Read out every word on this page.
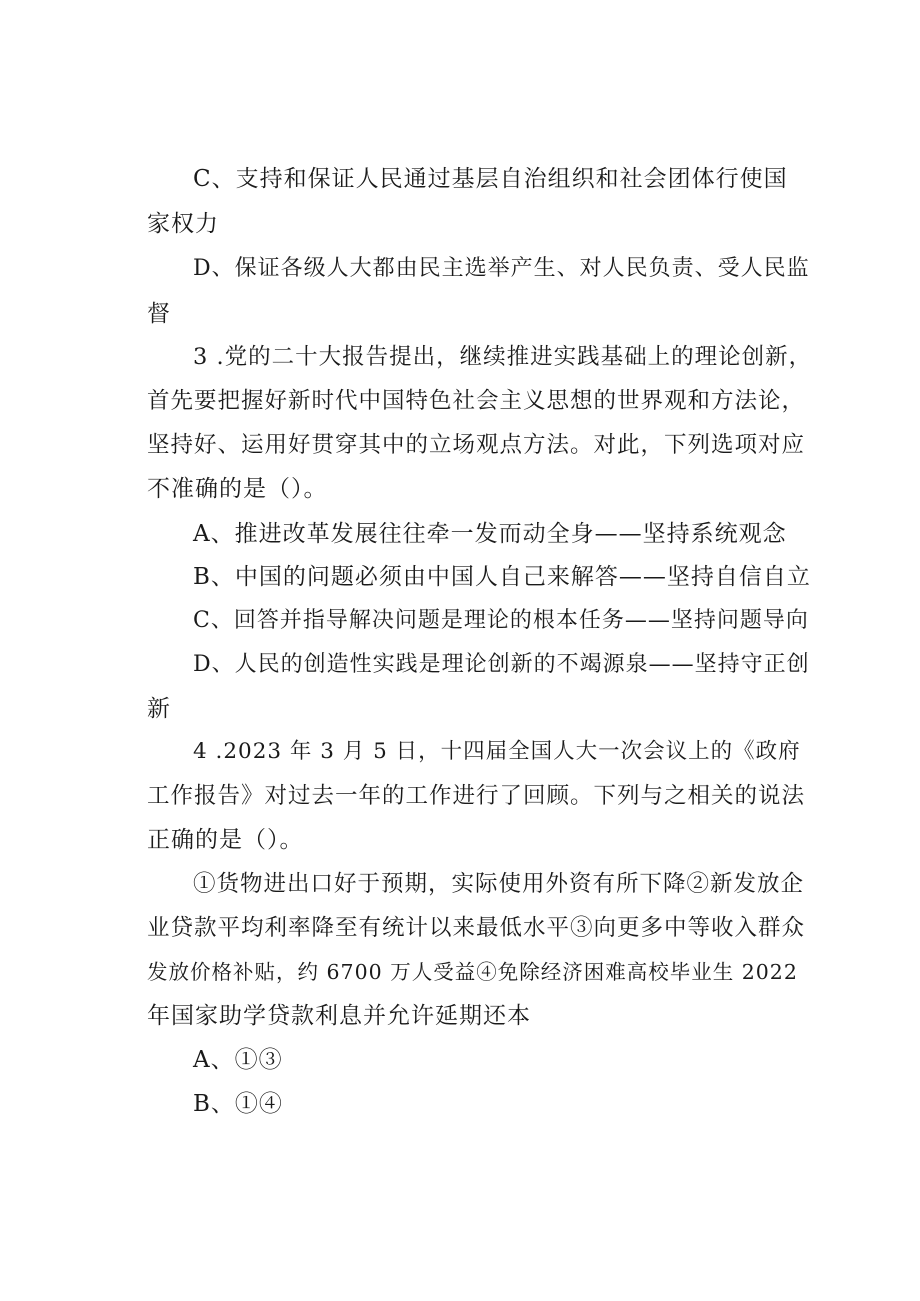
C、支持和保证人民通过基层自治组织和社会团体行使国
家权力
D、保证各级人大都由民主选举产生、对人民负责、受人民监
督
3 .党的二十大报告提出，继续推进实践基础上的理论创新，
首先要把握好新时代中国特色社会主义思想的世界观和方法论，
坚持好、运用好贯穿其中的立场观点方法。对此，下列选项对应
不准确的是（）。
A、推进改革发展往往牵一发而动全身——坚持系统观念
B、中国的问题必须由中国人自己来解答——坚持自信自立
C、回答并指导解决问题是理论的根本任务——坚持问题导向
D、人民的创造性实践是理论创新的不竭源泉——坚持守正创
新
4 .2023 年 3 月 5 日，十四届全国人大一次会议上的《政府
工作报告》对过去一年的工作进行了回顾。下列与之相关的说法
正确的是（）。
①货物进出口好于预期，实际使用外资有所下降②新发放企
业贷款平均利率降至有统计以来最低水平③向更多中等收入群众
发放价格补贴，约 6700 万人受益④免除经济困难高校毕业生 2022
年国家助学贷款利息并允许延期还本
A、①③
B、①④
